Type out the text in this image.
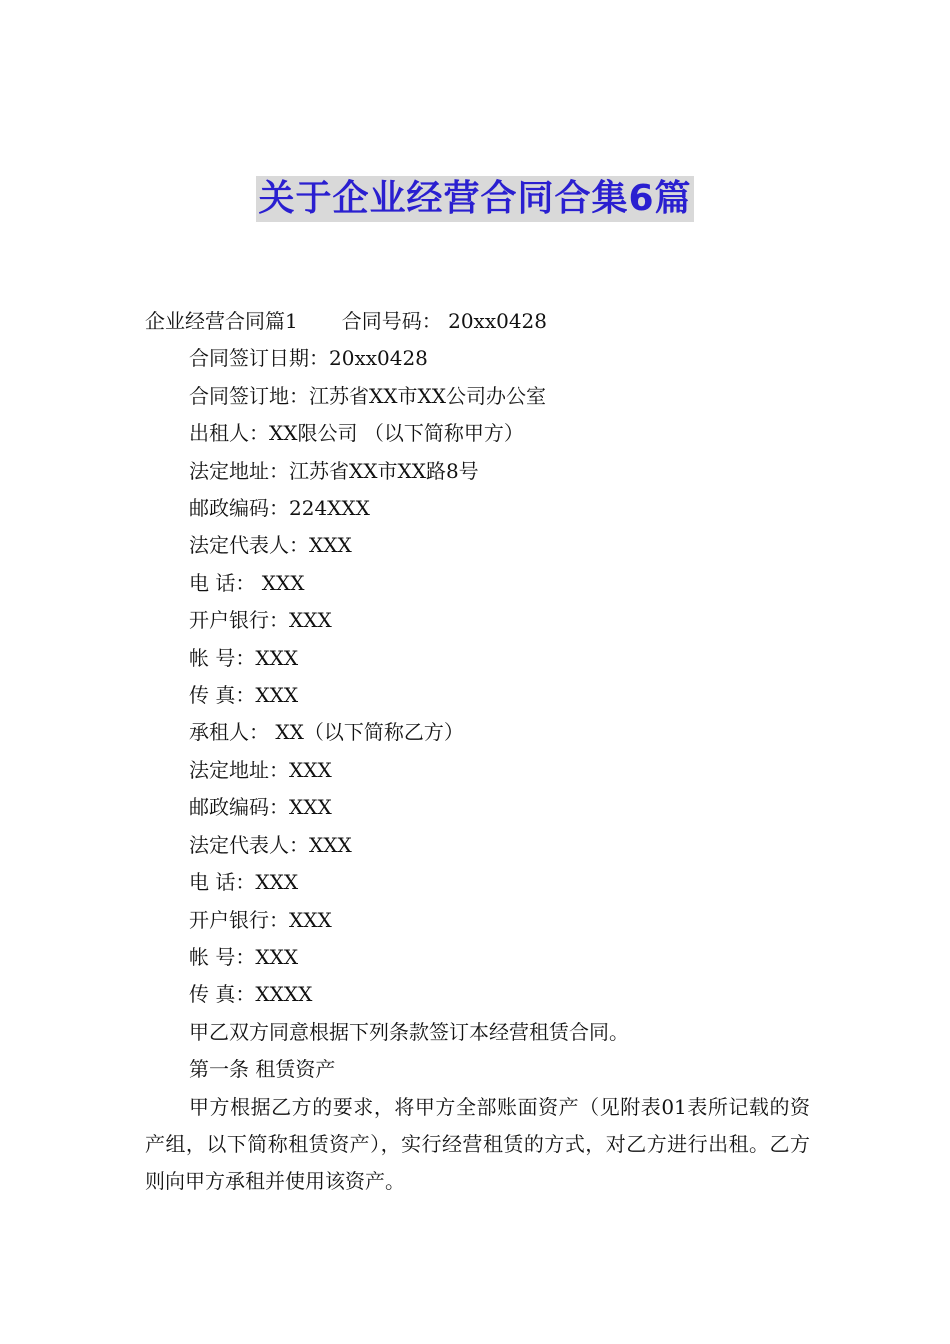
关于企业经营合同合集6篇
企业经营合同篇1 合同号码： 20xx0428
合同签订日期：20xx0428
合同签订地：江苏省XX市XX公司办公室
出租人：XX限公司 （以下简称甲方）
法定地址：江苏省XX市XX路8号
邮政编码：224XXX
法定代表人：XXX
电 话： XXX
开户银行：XXX
帐 号：XXX
传 真：XXX
承租人： XX（以下简称乙方）
法定地址：XXX
邮政编码：XXX
法定代表人：XXX
电 话：XXX
开户银行：XXX
帐 号：XXX
传 真：XXXX
甲乙双方同意根据下列条款签订本经营租赁合同。
第一条 租赁资产
甲方根据乙方的要求，将甲方全部账面资产（见附表01表所记载的资产组，以下简称租赁资产），实行经营租赁的方式，对乙方进行出租。乙方则向甲方承租并使用该资产。
